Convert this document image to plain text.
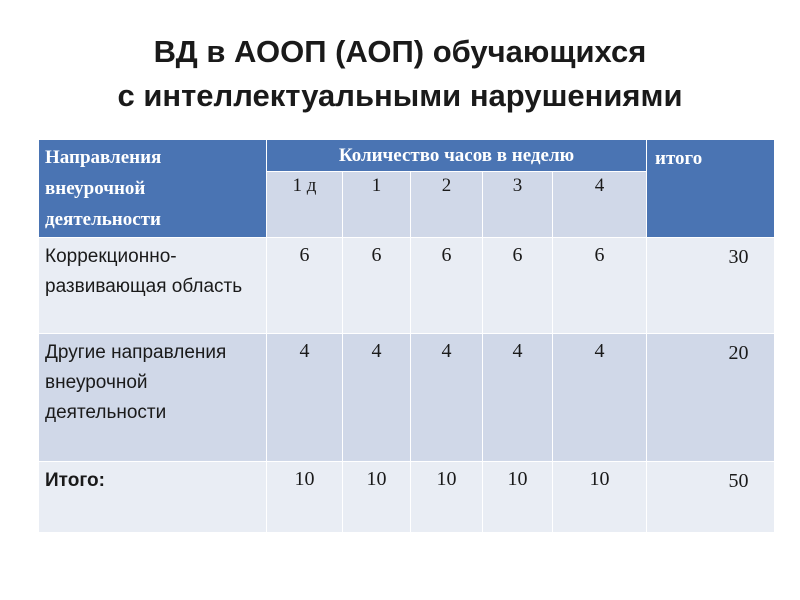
ВД в АООП (АОП) обучающихся
с интеллектуальными нарушениями
Направления внеурочной деятельности	Количество часов в неделю					итого
	1 д	1	2	3	4	
Коррекционно-развивающая область	6	6	6	6	6	30
Другие направления внеурочной деятельности	4	4	4	4	4	20
Итого:	10	10	10	10	10	50
